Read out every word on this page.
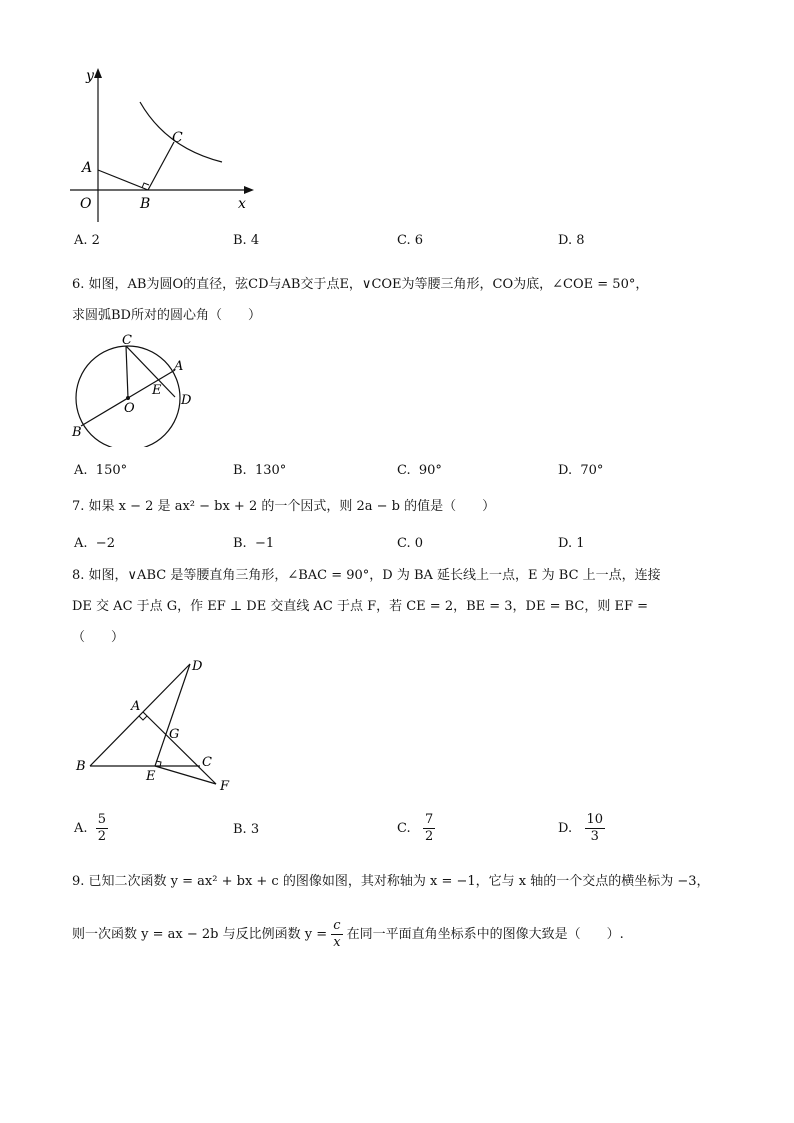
y
x
O
A
B
C
A. 2	B. 4	C. 6	D. 8
6. 如图，AB为圆O的直径，弦CD与AB交于点E，∨COE为等腰三角形，CO为底，∠COE = 50°，
求圆弧BD所对的圆心角（　　）
C
A
E
D
O
B
A. 150°	B. 130°	C. 90°	D. 70°
7. 如果 x − 2 是 ax² − bx + 2 的一个因式，则 2a − b 的值是（　　）
A. −2	B. −1	C. 0	D. 1
8. 如图，∨ABC 是等腰直角三角形，∠BAC = 90°，D 为 BA 延长线上一点，E 为 BC 上一点，连接
DE 交 AC 于点 G，作 EF ⊥ DE 交直线 AC 于点 F，若 CE = 2，BE = 3，DE = BC，则 EF =
（　　）
D
A
G
B	C
E
F
A. $\frac{5}{2}$	B. 3	C. $\frac{7}{2}$	D. $\frac{10}{3}$
9. 已知二次函数 y = ax² + bx + c 的图像如图，其对称轴为 x = −1，它与 x 轴的一个交点的横坐标为 −3，
则一次函数 y = ax − 2b 与反比例函数 $y = \frac{c}{x}$ 在同一平面直角坐标系中的图像大致是（　　）.
